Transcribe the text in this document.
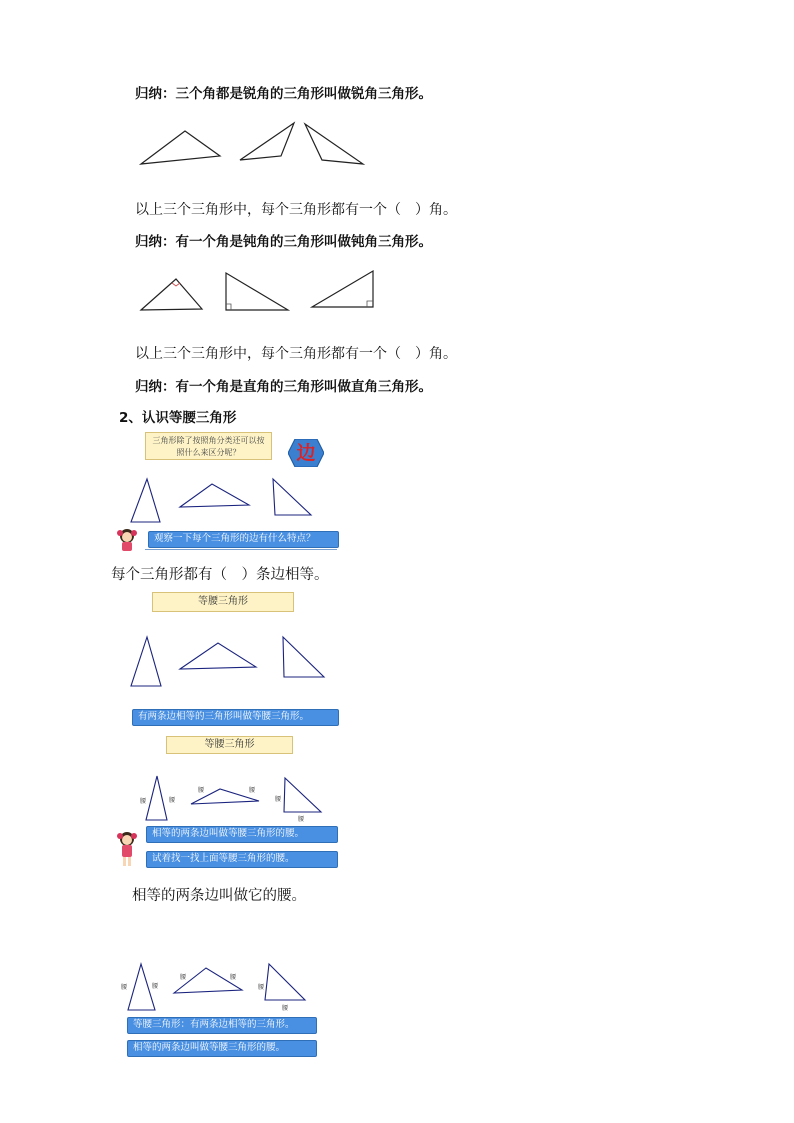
归纳：三个角都是锐角的三角形叫做锐角三角形。
以上三个三角形中，每个三角形都有一个（　）角。
归纳：有一个角是钝角的三角形叫做钝角三角形。
以上三个三角形中，每个三角形都有一个（　）角。
归纳：有一个角是直角的三角形叫做直角三角形。
2、认识等腰三角形
三角形除了按照角分类还可以按照什么来区分呢？	边
观察一下每个三角形的边有什么特点？
每个三角形都有（　）条边相等。
等腰三角形
有两条边相等的三角形叫做等腰三角形。
等腰三角形
腰	腰
腰	腰
腰
腰
相等的两条边叫做等腰三角形的腰。
试着找一找上面等腰三角形的腰。
相等的两条边叫做它的腰。
腰	腰
腰	腰
腰
腰
等腰三角形：有两条边相等的三角形。
相等的两条边叫做等腰三角形的腰。
